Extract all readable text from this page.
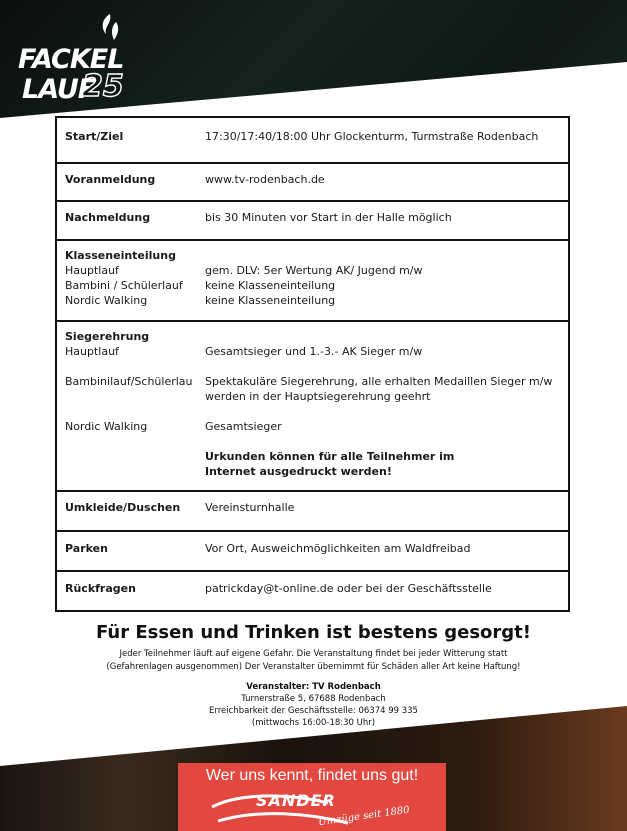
FACKEL
LAUF
25
Start/Ziel	17:30/17:40/18:00 Uhr Glockenturm, Turmstraße Rodenbach

Voranmeldung	www.tv-rodenbach.de

Nachmeldung	bis 30 Minuten vor Start in der Halle möglich

Klasseneinteilung
Hauptlauf	gem. DLV: 5er Wertung AK/ Jugend m/w
Bambini / Schülerlauf	keine Klasseneinteilung
Nordic Walking	keine Klasseneinteilung

Siegerehrung
Hauptlauf	Gesamtsieger und 1.-3.- AK Sieger m/w
Bambinilauf/Schülerlau	Spektakuläre Siegerehrung, alle erhalten Medaillen Sieger m/w
werden in der Hauptsiegerehrung geehrt
Nordic Walking	Gesamtsieger
Urkunden können für alle Teilnehmer im
Internet ausgedruckt werden!

Umkleide/Duschen	Vereinsturnhalle

Parken	Vor Ort, Ausweichmöglichkeiten am Waldfreibad

Rückfragen	patrickday@t-online.de oder bei der Geschäftsstelle
Für Essen und Trinken ist bestens gesorgt!
Jeder Teilnehmer läuft auf eigene Gefahr. Die Veranstaltung findet bei jeder Witterung statt
(Gefahrenlagen ausgenommen) Der Veranstalter übernimmt für Schäden aller Art keine Haftung!
Veranstalter: TV Rodenbach
Turnerstraße 5, 67688 Rodenbach
Erreichbarkeit der Geschäftsstelle: 06374 99 335
(mittwochs 16:00-18:30 Uhr)
Wer uns kennt, findet uns gut!
SANDER
Umzüge seit 1880
